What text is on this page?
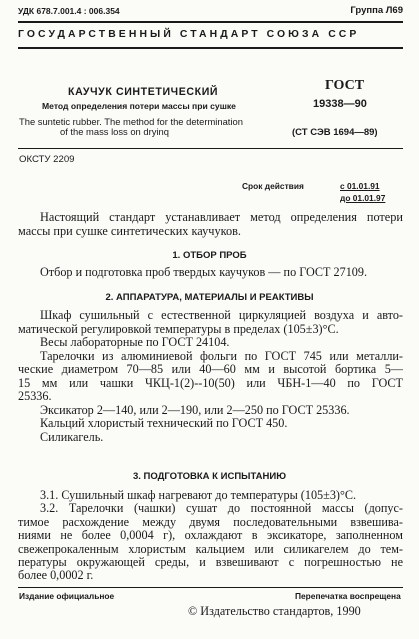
УДК 678.7.001.4 : 006.354	Группа Л69
ГОСУДАРСТВЕННЫЙ СТАНДАРТ СОЮЗА ССР
КАУЧУК СИНТЕТИЧЕСКИЙ
Метод определения потери массы при сушке
The suntetic rubber. The method for the determination
of the mass loss on dryinq
ГОСТ
19338—90
(СТ СЭВ 1694—89)
ОКСТУ 2209
Срок действия	с 01.01.91
до 01.01.97
Настоящий стандарт устанавливает метод определения потери
массы при сушке синтетических каучуков.
1. ОТБОР ПРОБ
Отбор и подготовка проб твердых каучуков — по ГОСТ 27109.
2. АППАРАТУРА, МАТЕРИАЛЫ И РЕАКТИВЫ
Шкаф сушильный с естественной циркуляцией воздуха и авто-
матической регулировкой температуры в пределах (105±3)°С.
Весы лабораторные по ГОСТ 24104.
Тарелочки из алюминиевой фольги по ГОСТ 745 или металли-
ческие диаметром 70—85 или 40—60 мм и высотой бортика 5—
15 мм или чашки ЧКЦ-1(2)--10(50) или ЧБН-1—40 по ГОСТ
25336.
Эксикатор 2—140, или 2—190, или 2—250 по ГОСТ 25336.
Кальций хлористый технический по ГОСТ 450.
Силикагель.
3. ПОДГОТОВКА К ИСПЫТАНИЮ
3.1. Сушильный шкаф нагревают до температуры (105±3)°С.
3.2. Тарелочки (чашки) сушат до постоянной массы (допус-
тимое расхождение между двумя последовательными взвешива-
ниями не более 0,0004 г), охлаждают в эксикаторе, заполненном
свежепрокаленным хлористым кальцием или силикагелем до тем-
пературы окружающей среды, и взвешивают с погрешностью не
более 0,0002 г.
Издание официальное	Перепечатка воспрещена
© Издательство стандартов, 1990
